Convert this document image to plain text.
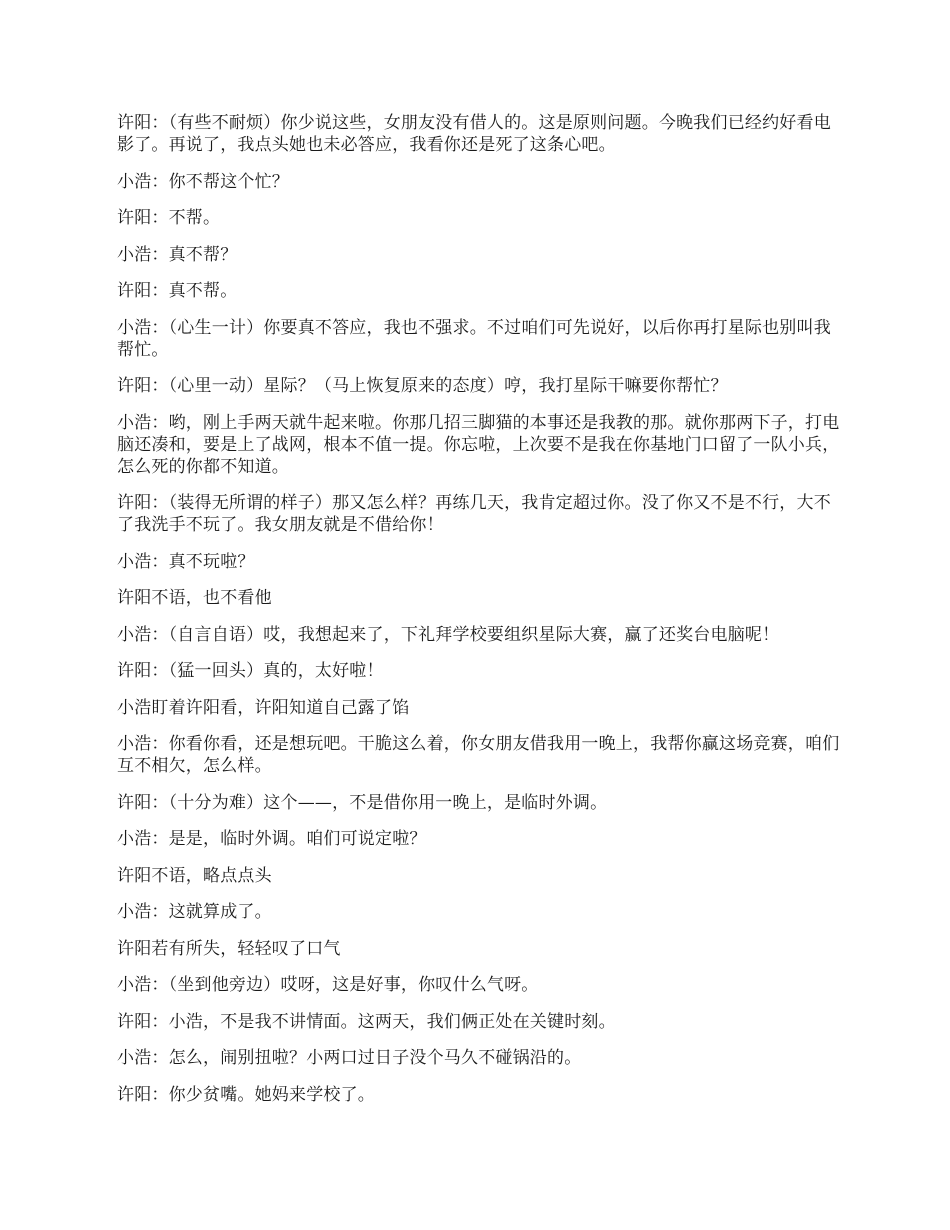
许阳：（有些不耐烦）你少说这些，女朋友没有借人的。这是原则问题。今晚我们已经约好看电影了。再说了，我点头她也未必答应，我看你还是死了这条心吧。

小浩：你不帮这个忙？

许阳：不帮。

小浩：真不帮？

许阳：真不帮。

小浩：（心生一计）你要真不答应，我也不强求。不过咱们可先说好，以后你再打星际也别叫我帮忙。

许阳：（心里一动）星际？（马上恢复原来的态度）哼，我打星际干嘛要你帮忙？

小浩：哟，刚上手两天就牛起来啦。你那几招三脚猫的本事还是我教的那。就你那两下子，打电脑还凑和，要是上了战网，根本不值一提。你忘啦，上次要不是我在你基地门口留了一队小兵，怎么死的你都不知道。

许阳：（装得无所谓的样子）那又怎么样？再练几天，我肯定超过你。没了你又不是不行，大不了我洗手不玩了。我女朋友就是不借给你！

小浩：真不玩啦？

许阳不语，也不看他

小浩：（自言自语）哎，我想起来了，下礼拜学校要组织星际大赛，赢了还奖台电脑呢！

许阳：（猛一回头）真的，太好啦！

小浩盯着许阳看，许阳知道自己露了馅

小浩：你看你看，还是想玩吧。干脆这么着，你女朋友借我用一晚上，我帮你赢这场竞赛，咱们互不相欠，怎么样。

许阳：（十分为难）这个——，不是借你用一晚上，是临时外调。

小浩：是是，临时外调。咱们可说定啦？

许阳不语，略点点头

小浩：这就算成了。

许阳若有所失，轻轻叹了口气

小浩：（坐到他旁边）哎呀，这是好事，你叹什么气呀。

许阳：小浩，不是我不讲情面。这两天，我们俩正处在关键时刻。

小浩：怎么，闹别扭啦？小两口过日子没个马久不碰锅沿的。

许阳：你少贫嘴。她妈来学校了。
